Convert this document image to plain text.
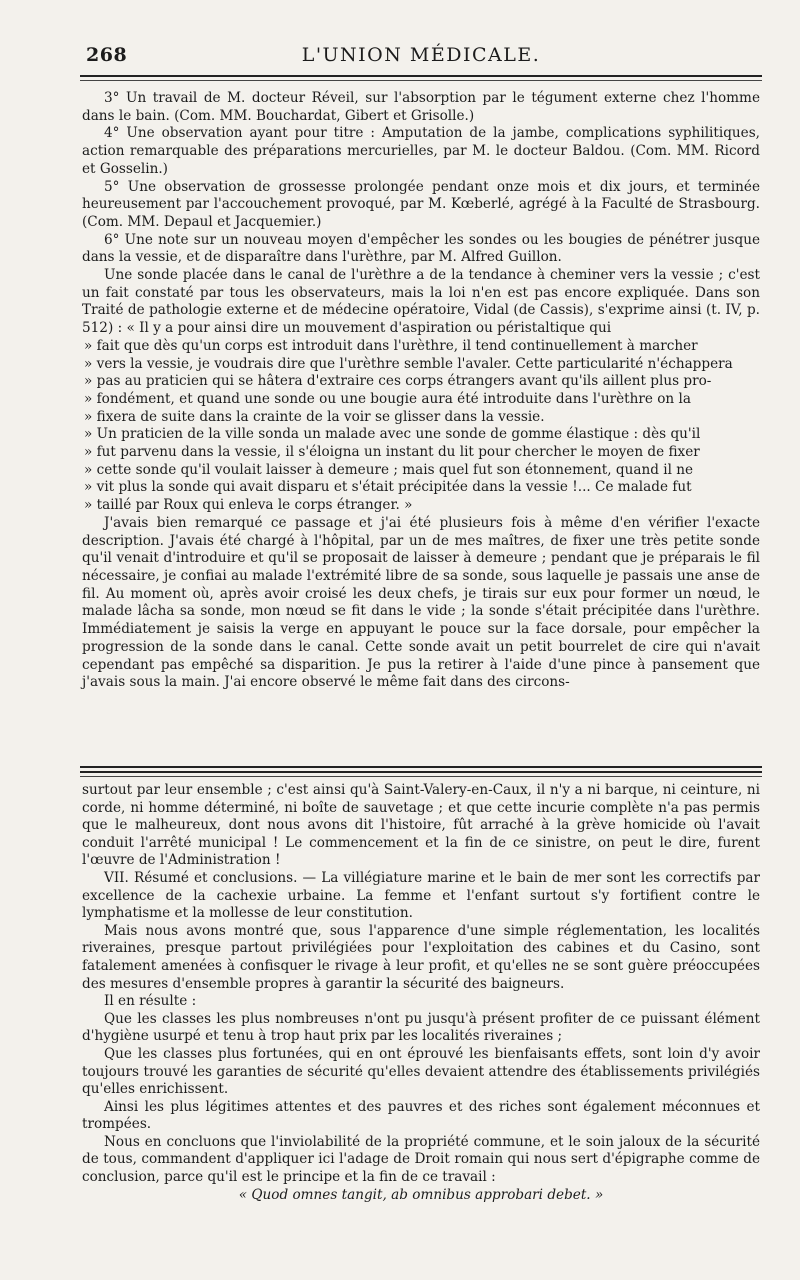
268	L'UNION MÉDICALE.

3° Un travail de M. docteur Réveil, sur l'absorption par le tégument externe chez l'homme dans le bain. (Com. MM. Bouchardat, Gibert et Grisolle.)

4° Une observation ayant pour titre : Amputation de la jambe, complications syphilitiques, action remarquable des préparations mercurielles, par M. le docteur Baldou. (Com. MM. Ricord et Gosselin.)

5° Une observation de grossesse prolongée pendant onze mois et dix jours, et terminée heureusement par l'accouchement provoqué, par M. Kœberlé, agrégé à la Faculté de Strasbourg. (Com. MM. Depaul et Jacquemier.)

6° Une note sur un nouveau moyen d'empêcher les sondes ou les bougies de pénétrer jusque dans la vessie, et de disparaître dans l'urèthre, par M. Alfred Guillon.

Une sonde placée dans le canal de l'urèthre a de la tendance à cheminer vers la vessie ; c'est un fait constaté par tous les observateurs, mais la loi n'en est pas encore expliquée. Dans son Traité de pathologie externe et de médecine opératoire, Vidal (de Cassis), s'exprime ainsi (t. IV, p. 512) : « Il y a pour ainsi dire un mouvement d'aspiration ou péristaltique qui

» fait que dès qu'un corps est introduit dans l'urèthre, il tend continuellement à marcher

» vers la vessie, je voudrais dire que l'urèthre semble l'avaler. Cette particularité n'échappera

» pas au praticien qui se hâtera d'extraire ces corps étrangers avant qu'ils aillent plus pro-

» fondément, et quand une sonde ou une bougie aura été introduite dans l'urèthre on la

» fixera de suite dans la crainte de la voir se glisser dans la vessie.

» Un praticien de la ville sonda un malade avec une sonde de gomme élastique : dès qu'il

» fut parvenu dans la vessie, il s'éloigna un instant du lit pour chercher le moyen de fixer

» cette sonde qu'il voulait laisser à demeure ; mais quel fut son étonnement, quand il ne

» vit plus la sonde qui avait disparu et s'était précipitée dans la vessie !... Ce malade fut

» taillé par Roux qui enleva le corps étranger. »

J'avais bien remarqué ce passage et j'ai été plusieurs fois à même d'en vérifier l'exacte description. J'avais été chargé à l'hôpital, par un de mes maîtres, de fixer une très petite sonde qu'il venait d'introduire et qu'il se proposait de laisser à demeure ; pendant que je préparais le fil nécessaire, je confiai au malade l'extrémité libre de sa sonde, sous laquelle je passais une anse de fil. Au moment où, après avoir croisé les deux chefs, je tirais sur eux pour former un nœud, le malade lâcha sa sonde, mon nœud se fit dans le vide ; la sonde s'était précipitée dans l'urèthre. Immédiatement je saisis la verge en appuyant le pouce sur la face dorsale, pour empêcher la progression de la sonde dans le canal. Cette sonde avait un petit bourrelet de cire qui n'avait cependant pas empêché sa disparition. Je pus la retirer à l'aide d'une pince à pansement que j'avais sous la main. J'ai encore observé le même fait dans des circons-

surtout par leur ensemble ; c'est ainsi qu'à Saint-Valery-en-Caux, il n'y a ni barque, ni ceinture, ni corde, ni homme déterminé, ni boîte de sauvetage ; et que cette incurie complète n'a pas permis que le malheureux, dont nous avons dit l'histoire, fût arraché à la grève homicide où l'avait conduit l'arrêté municipal ! Le commencement et la fin de ce sinistre, on peut le dire, furent l'œuvre de l'Administration !

VII. Résumé et conclusions. — La villégiature marine et le bain de mer sont les correctifs par excellence de la cachexie urbaine. La femme et l'enfant surtout s'y fortifient contre le lymphatisme et la mollesse de leur constitution.

Mais nous avons montré que, sous l'apparence d'une simple réglementation, les localités riveraines, presque partout privilégiées pour l'exploitation des cabines et du Casino, sont fatalement amenées à confisquer le rivage à leur profit, et qu'elles ne se sont guère préoccupées des mesures d'ensemble propres à garantir la sécurité des baigneurs.

Il en résulte :

Que les classes les plus nombreuses n'ont pu jusqu'à présent profiter de ce puissant élément d'hygiène usurpé et tenu à trop haut prix par les localités riveraines ;

Que les classes plus fortunées, qui en ont éprouvé les bienfaisants effets, sont loin d'y avoir toujours trouvé les garanties de sécurité qu'elles devaient attendre des établissements privilégiés qu'elles enrichissent.

Ainsi les plus légitimes attentes et des pauvres et des riches sont également méconnues et trompées.

Nous en concluons que l'inviolabilité de la propriété commune, et le soin jaloux de la sécurité de tous, commandent d'appliquer ici l'adage de Droit romain qui nous sert d'épigraphe comme de conclusion, parce qu'il est le principe et la fin de ce travail :

« Quod omnes tangit, ab omnibus approbari debet. »
